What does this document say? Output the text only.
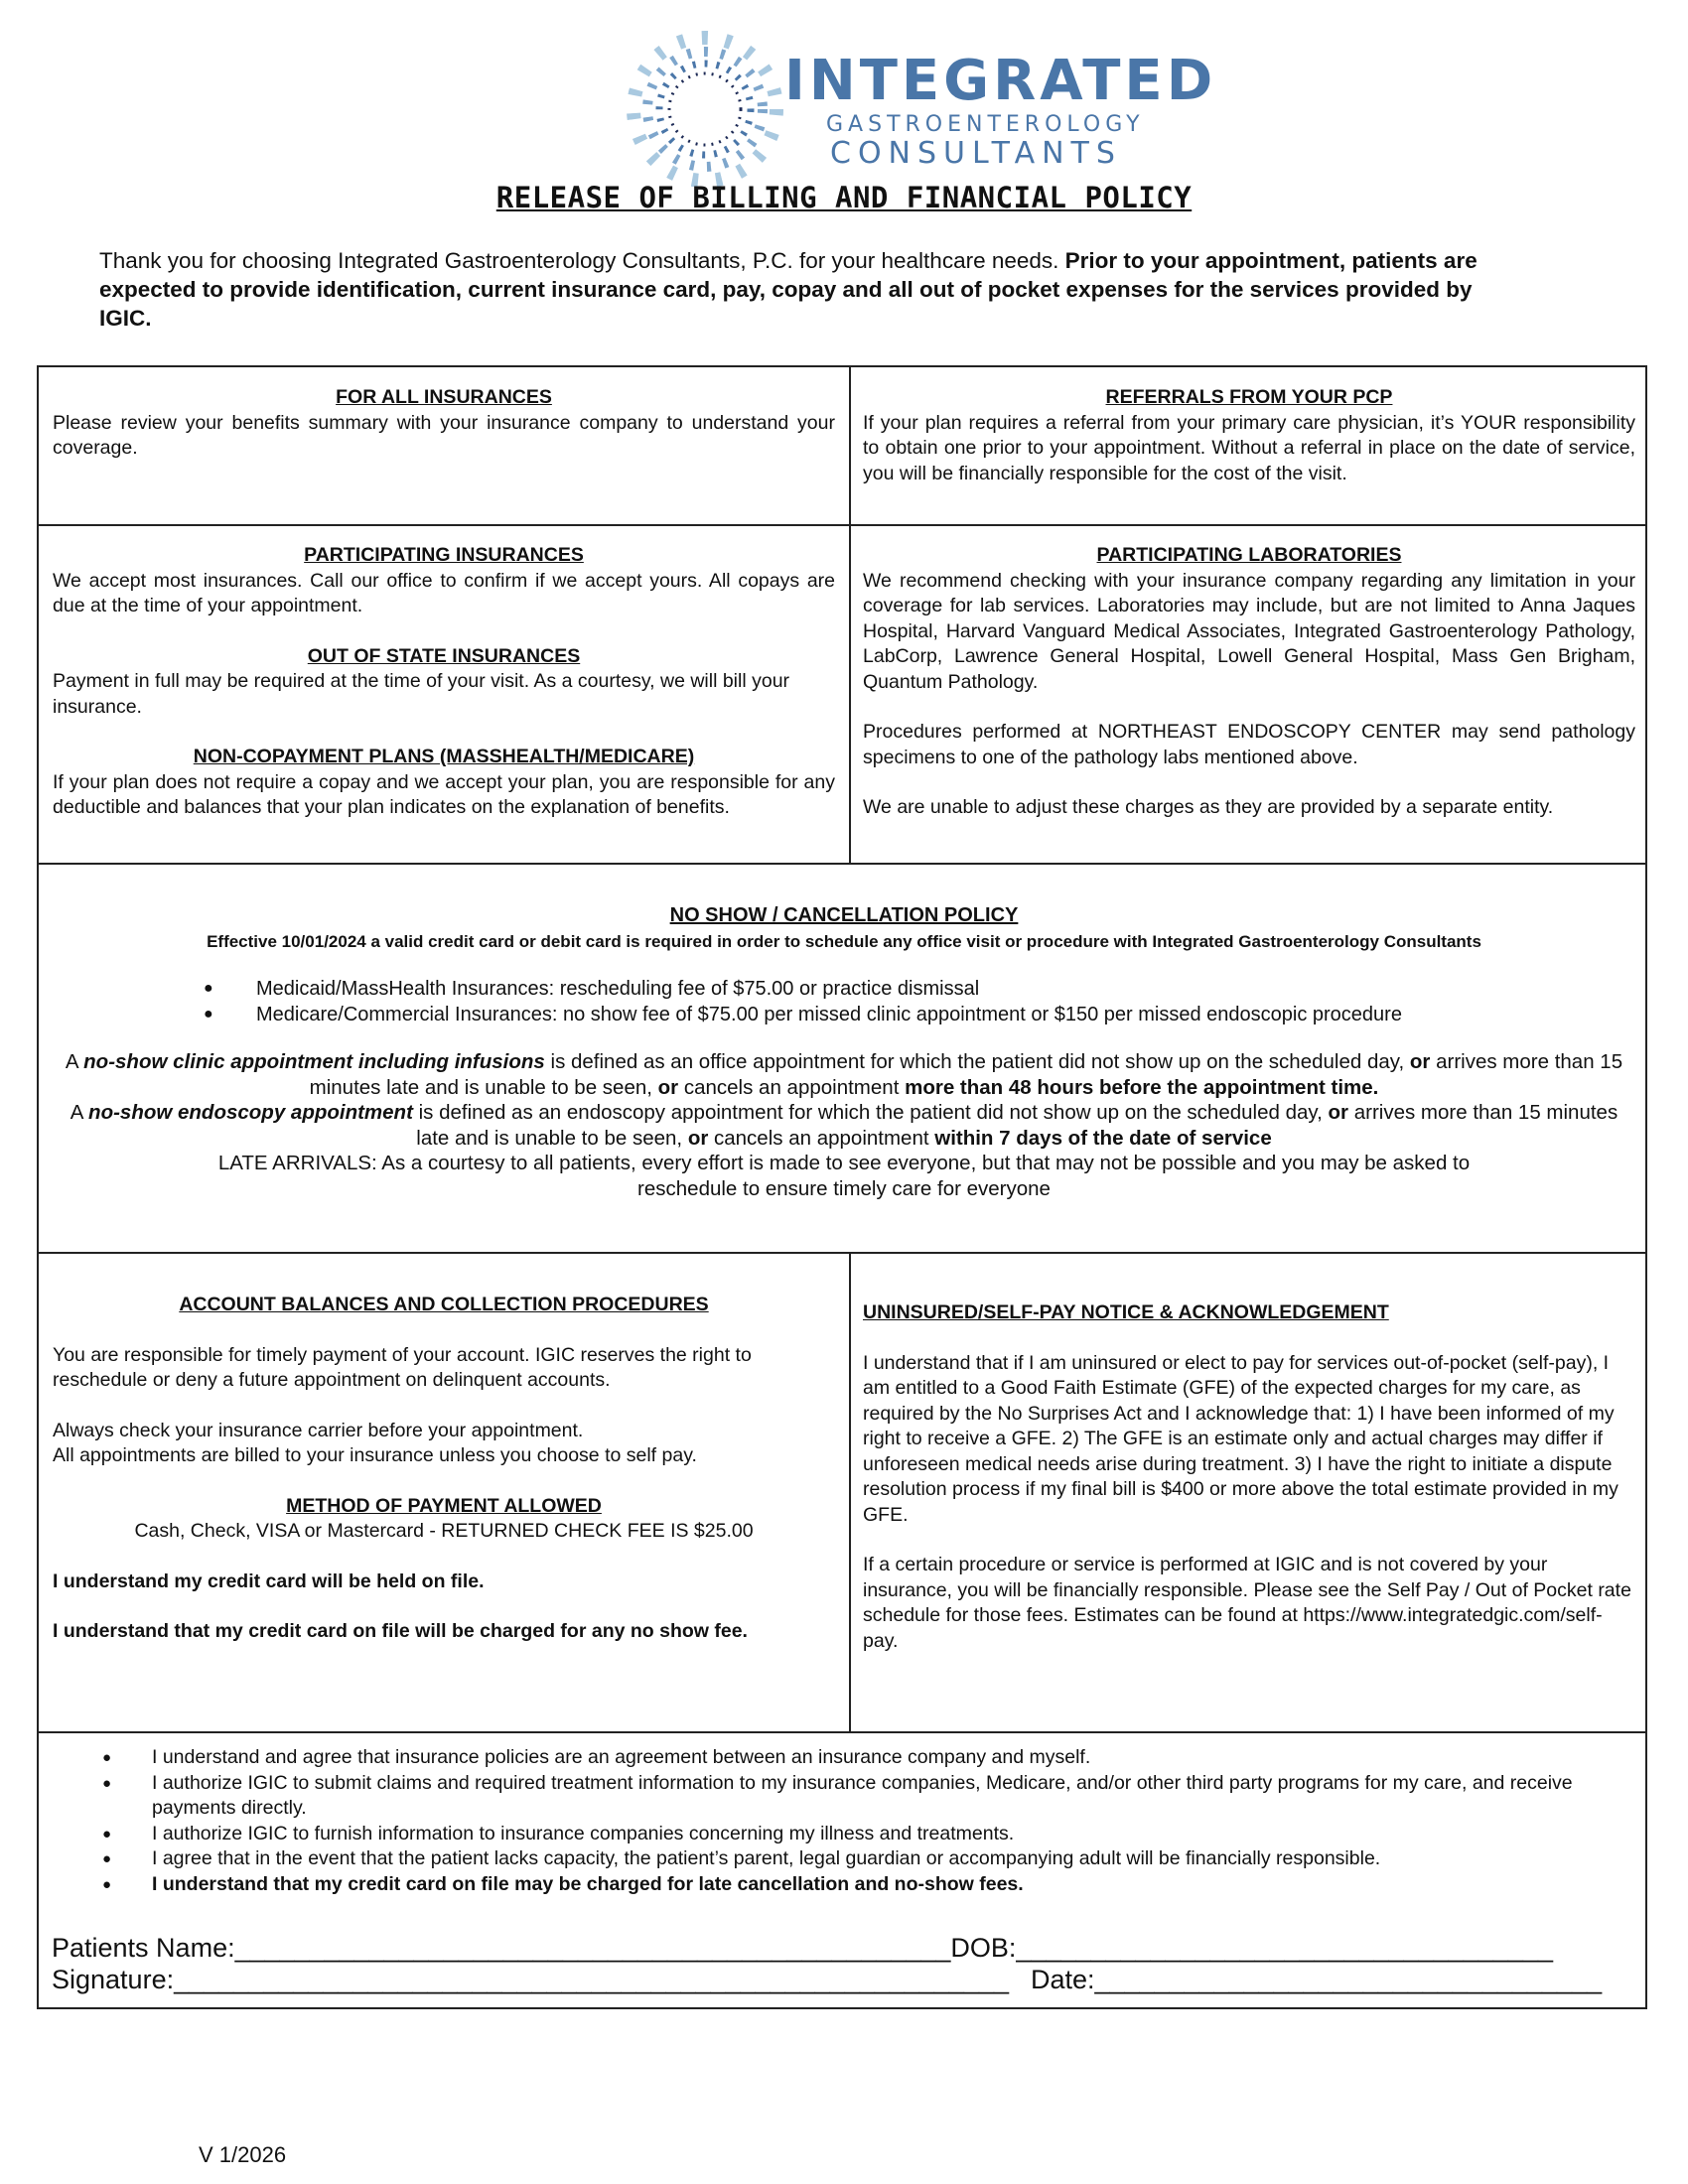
INTEGRATED
GASTROENTEROLOGY
CONSULTANTS
RELEASE OF BILLING AND FINANCIAL POLICY
Thank you for choosing Integrated Gastroenterology Consultants, P.C. for your healthcare needs. Prior to your appointment, patients are expected to provide identification, current insurance card, pay, copay and all out of pocket expenses for the services provided by IGIC.
FOR ALL INSURANCES

Please review your benefits summary with your insurance company to understand your coverage.

REFERRALS FROM YOUR PCP

If your plan requires a referral from your primary care physician, it’s YOUR responsibility to obtain one prior to your appointment. Without a referral in place on the date of service, you will be financially responsible for the cost of the visit.

PARTICIPATING INSURANCES

We accept most insurances. Call our office to confirm if we accept yours. All copays are due at the time of your appointment.

OUT OF STATE INSURANCES

Payment in full may be required at the time of your visit. As a courtesy, we will bill your insurance.

NON-COPAYMENT PLANS (MASSHEALTH/MEDICARE)

If your plan does not require a copay and we accept your plan, you are responsible for any deductible and balances that your plan indicates on the explanation of benefits.

PARTICIPATING LABORATORIES

We recommend checking with your insurance company regarding any limitation in your coverage for lab services. Laboratories may include, but are not limited to Anna Jaques Hospital, Harvard Vanguard Medical Associates, Integrated Gastroenterology Pathology, LabCorp, Lawrence General Hospital, Lowell General Hospital, Mass Gen Brigham, Quantum Pathology.

Procedures performed at NORTHEAST ENDOSCOPY CENTER may send pathology specimens to one of the pathology labs mentioned above.

We are unable to adjust these charges as they are provided by a separate entity.

NO SHOW / CANCELLATION POLICY

Effective 10/01/2024 a valid credit card or debit card is required in order to schedule any office visit or procedure with Integrated Gastroenterology Consultants

● Medicaid/MassHealth Insurances: rescheduling fee of $75.00 or practice dismissal
● Medicare/Commercial Insurances: no show fee of $75.00 per missed clinic appointment or $150 per missed endoscopic procedure

A no-show clinic appointment including infusions is defined as an office appointment for which the patient did not show up on the scheduled day, or arrives more than 15 minutes late and is unable to be seen, or cancels an appointment more than 48 hours before the appointment time.

A no-show endoscopy appointment is defined as an endoscopy appointment for which the patient did not show up on the scheduled day, or arrives more than 15 minutes late and is unable to be seen, or cancels an appointment within 7 days of the date of service

LATE ARRIVALS: As a courtesy to all patients, every effort is made to see everyone, but that may not be possible and you may be asked to reschedule to ensure timely care for everyone

ACCOUNT BALANCES AND COLLECTION PROCEDURES

You are responsible for timely payment of your account. IGIC reserves the right to reschedule or deny a future appointment on delinquent accounts.

Always check your insurance carrier before your appointment.

All appointments are billed to your insurance unless you choose to self pay.

METHOD OF PAYMENT ALLOWED

Cash, Check, VISA or Mastercard - RETURNED CHECK FEE IS $25.00

I understand my credit card will be held on file.

I understand that my credit card on file will be charged for any no show fee.

UNINSURED/SELF-PAY NOTICE & ACKNOWLEDGEMENT

I understand that if I am uninsured or elect to pay for services out-of-pocket (self-pay), I am entitled to a Good Faith Estimate (GFE) of the expected charges for my care, as required by the No Surprises Act and I acknowledge that: 1) I have been informed of my right to receive a GFE. 2) The GFE is an estimate only and actual charges may differ if unforeseen medical needs arise during treatment. 3) I have the right to initiate a dispute resolution process if my final bill is $400 or more above the total estimate provided in my GFE.

If a certain procedure or service is performed at IGIC and is not covered by your insurance, you will be financially responsible. Please see the Self Pay / Out of Pocket rate schedule for those fees. Estimates can be found at https://www.integratedgic.com/self-pay.

● I understand and agree that insurance policies are an agreement between an insurance company and myself.
● I authorize IGIC to submit claims and required treatment information to my insurance companies, Medicare, and/or other third party programs for my care, and receive payments directly.
● I authorize IGIC to furnish information to insurance companies concerning my illness and treatments.
● I agree that in the event that the patient lacks capacity, the patient’s parent, legal guardian or accompanying adult will be financially responsible.
● I understand that my credit card on file may be charged for late cancellation and no-show fees.
Patients Name:________________________________________________DOB:____________________________________
Signature:________________________________________________________ Date:__________________________________
V 1/2026
